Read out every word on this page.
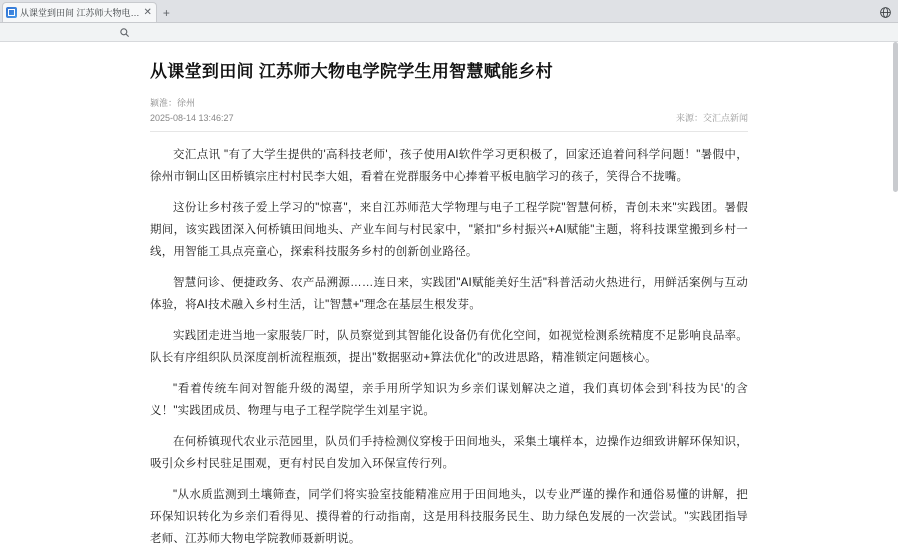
从课堂到田间 江苏师大物电… ✕ +
从课堂到田间 江苏师大物电学院学生用智慧赋能乡村
颍淮：徐州
2025-08-14 13:46:27	来源：交汇点新闻

交汇点讯 "有了大学生提供的'高科技老师'，孩子使用AI软件学习更积极了，回家还追着问科学问题！"暑假中，徐州市铜山区田桥镇宗庄村村民李大姐，看着在党群服务中心捧着平板电脑学习的孩子，笑得合不拢嘴。

这份让乡村孩子爱上学习的"惊喜"，来自江苏师范大学物理与电子工程学院"智慧何桥，青创未来"实践团。暑假期间，该实践团深入何桥镇田间地头、产业车间与村民家中，"紧扣"乡村振兴+AI赋能"主题，将科技课堂搬到乡村一线，用智能工具点亮童心，探索科技服务乡村的创新创业路径。

智慧问诊、便捷政务、农产品溯源……连日来，实践团"AI赋能美好生活"科普活动火热进行，用鲜活案例与互动体验，将AI技术融入乡村生活，让"智慧+"理念在基层生根发芽。

实践团走进当地一家服装厂时，队员察觉到其智能化设备仍有优化空间，如视觉检测系统精度不足影响良品率。队长有序组织队员深度剖析流程瓶颈，提出"数据驱动+算法优化"的改进思路，精准锁定问题核心。

"看着传统车间对智能升级的渴望，亲手用所学知识为乡亲们谋划解决之道，我们真切体会到'科技为民'的含义！"实践团成员、物理与电子工程学院学生刘星宇说。

在何桥镇现代农业示范园里，队员们手持检测仪穿梭于田间地头，采集土壤样本，边操作边细致讲解环保知识，吸引众乡村民驻足围观，更有村民自发加入环保宣传行列。

"从水质监测到土壤筛查，同学们将实验室技能精准应用于田间地头，以专业严谨的操作和通俗易懂的讲解，把环保知识转化为乡亲们看得见、摸得着的行动指南，这是用科技服务民生、助力绿色发展的一次尝试。"实践团指导老师、江苏师大物电学院教师聂新明说。
